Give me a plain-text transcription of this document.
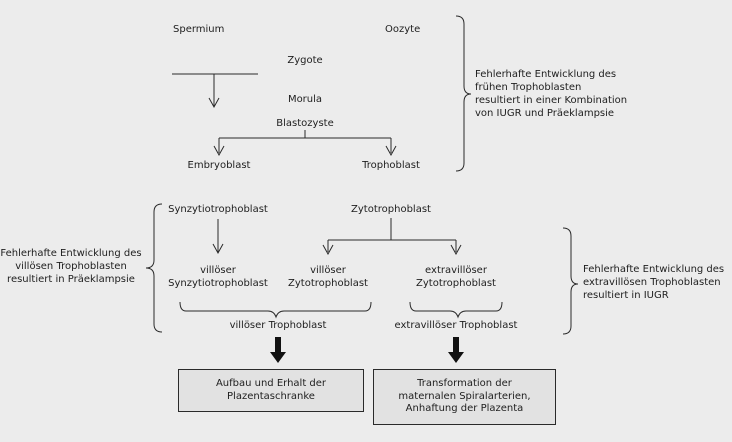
Spermium	Oozyte
Zygote
Morula
Blastozyste
Embryoblast	Trophoblast
Synzytiotrophoblast	Zytotrophoblast
villöser
Synzytiotrophoblast
villöser
Zytotrophoblast
extravillöser
Zytotrophoblast
villöser Trophoblast	extravillöser Trophoblast
Fehlerhafte Entwicklung des
frühen Trophoblasten
resultiert in einer Kombination
von IUGR und Präeklampsie
Fehlerhafte Entwicklung des
villösen Trophoblasten
resultiert in Präeklampsie
Fehlerhafte Entwicklung des
extravillösen Trophoblasten
resultiert in IUGR
Aufbau und Erhalt der
Plazentaschranke
Transformation der
maternalen Spiralarterien,
Anhaftung der Plazenta
